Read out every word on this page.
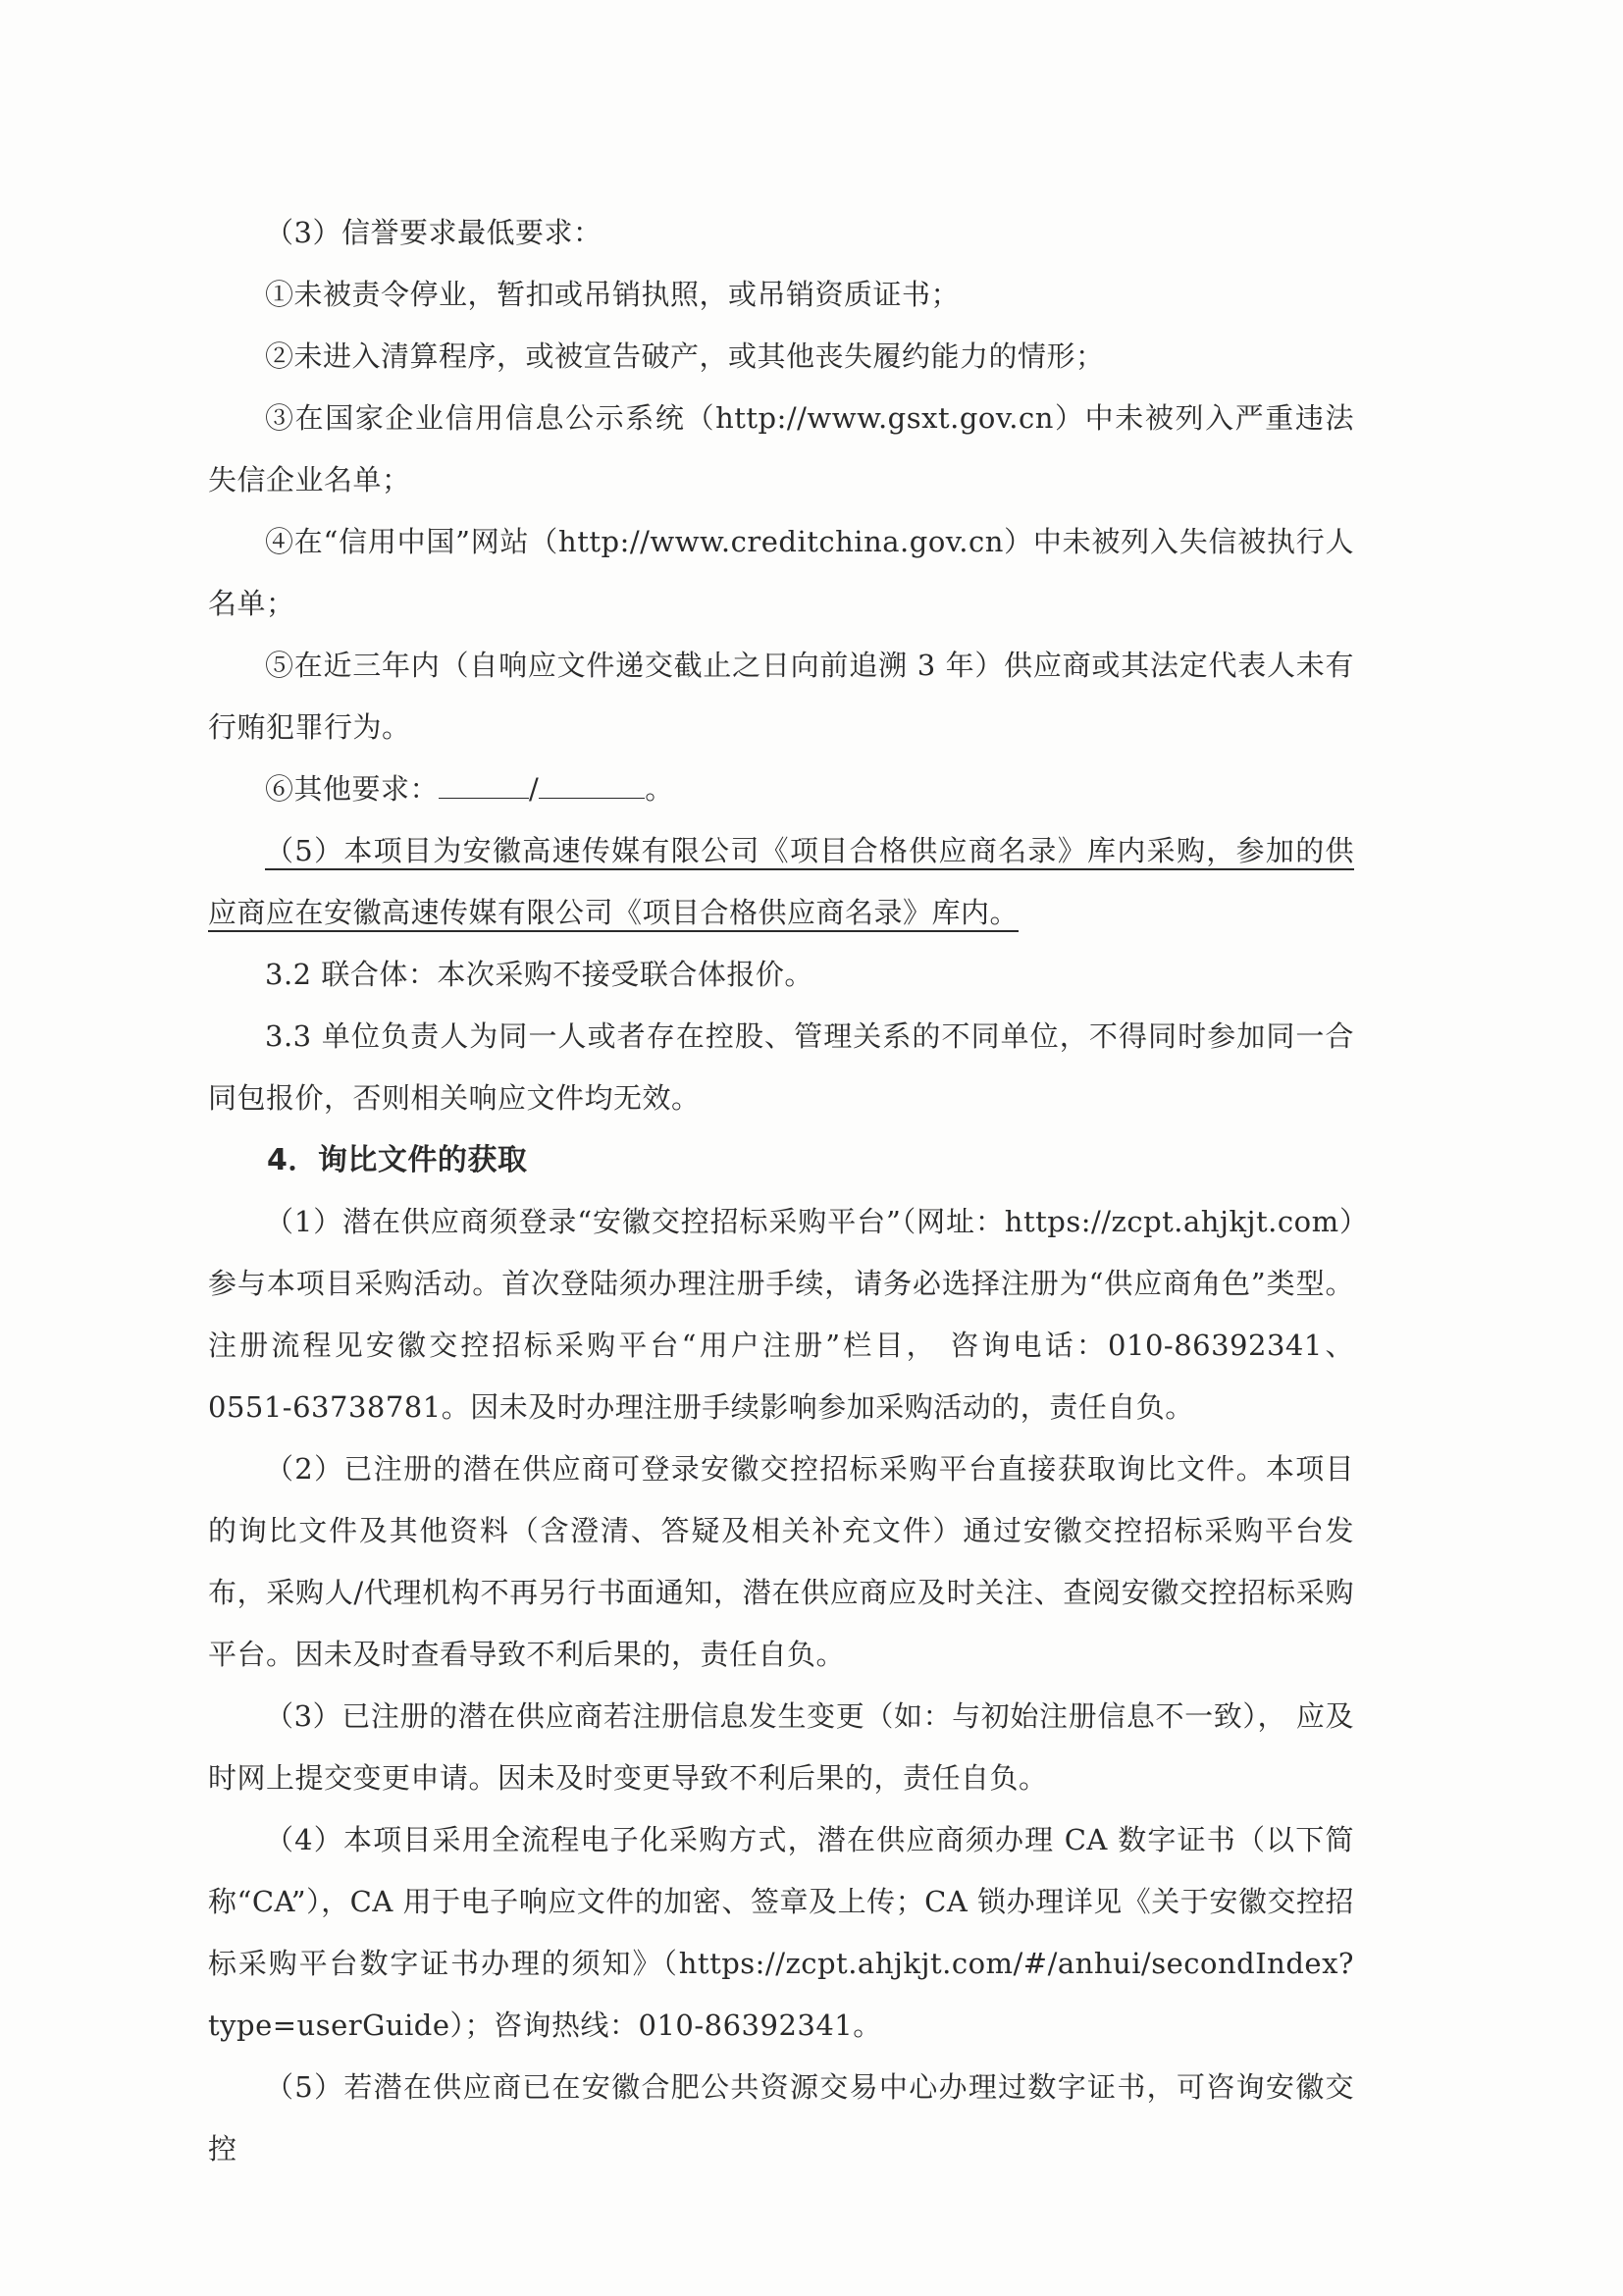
（3）信誉要求最低要求：

①未被责令停业，暂扣或吊销执照，或吊销资质证书；

②未进入清算程序，或被宣告破产，或其他丧失履约能力的情形；

③在国家企业信用信息公示系统（http://www.gsxt.gov.cn）中未被列入严重违法失信企业名单；

④在“信用中国”网站（http://www.creditchina.gov.cn）中未被列入失信被执行人名单；

⑤在近三年内（自响应文件递交截止之日向前追溯 3 年）供应商或其法定代表人未有行贿犯罪行为。

⑥其他要求：	/	。

（5）本项目为安徽高速传媒有限公司《项目合格供应商名录》库内采购，参加的供应商应在安徽高速传媒有限公司《项目合格供应商名录》库内。

3.2 联合体：本次采购不接受联合体报价。

3.3 单位负责人为同一人或者存在控股、管理关系的不同单位，不得同时参加同一合同包报价，否则相关响应文件均无效。

4．询比文件的获取

（1）潜在供应商须登录“安徽交控招标采购平台”（网址：https://zcpt.ahjkjt.com）参与本项目采购活动。首次登陆须办理注册手续，请务必选择注册为“供应商角色”类型。注册流程见安徽交控招标采购平台“用户注册”栏目， 咨询电话：010-86392341、0551-63738781。因未及时办理注册手续影响参加采购活动的，责任自负。

（2）已注册的潜在供应商可登录安徽交控招标采购平台直接获取询比文件。本项目的询比文件及其他资料（含澄清、答疑及相关补充文件）通过安徽交控招标采购平台发布，采购人/代理机构不再另行书面通知，潜在供应商应及时关注、查阅安徽交控招标采购平台。因未及时查看导致不利后果的，责任自负。

（3）已注册的潜在供应商若注册信息发生变更（如：与初始注册信息不一致）， 应及时网上提交变更申请。因未及时变更导致不利后果的，责任自负。

（4）本项目采用全流程电子化采购方式，潜在供应商须办理 CA 数字证书（以下简称“CA”），CA 用于电子响应文件的加密、签章及上传；CA 锁办理详见《关于安徽交控招标采购平台数字证书办理的须知》（https://zcpt.ahjkjt.com/#/anhui/secondIndex?type=userGuide）；咨询热线：010-86392341。

（5）若潜在供应商已在安徽合肥公共资源交易中心办理过数字证书，可咨询安徽交控
